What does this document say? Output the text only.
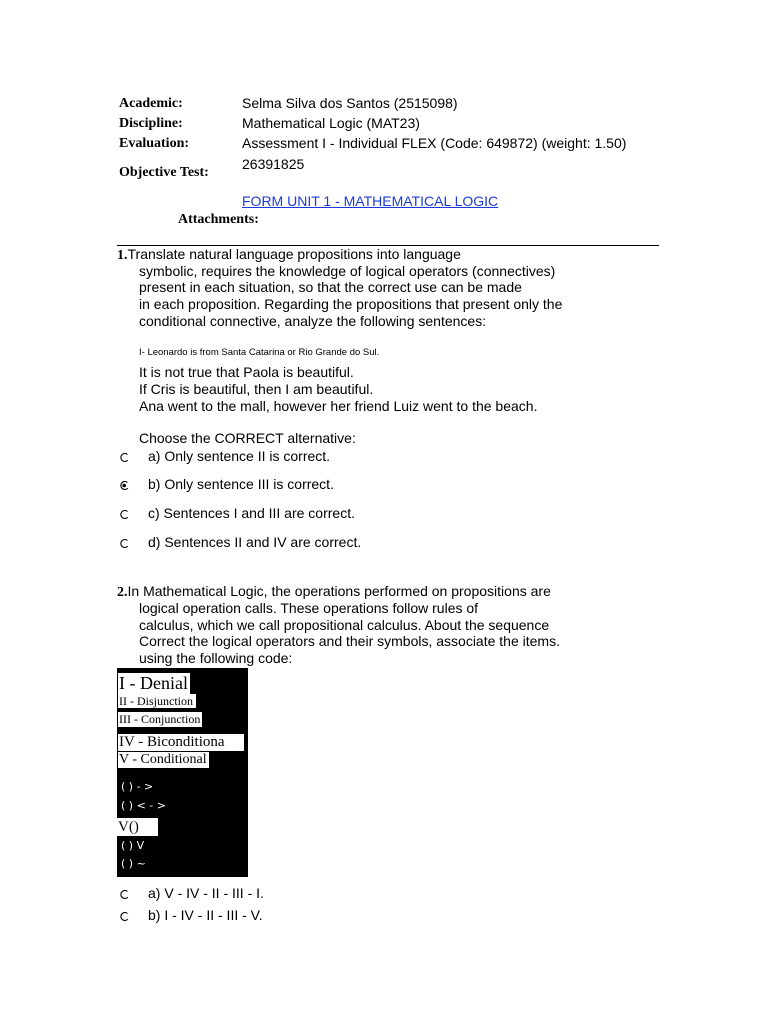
Academic:	Selma Silva dos Santos (2515098)
Discipline:	Mathematical Logic (MAT23)
Evaluation:	Assessment I - Individual FLEX (Code: 649872) (weight: 1.50)
Objective Test:
26391825
FORM UNIT 1 - MATHEMATICAL LOGIC
Attachments:
1.Translate natural language propositions into language
symbolic, requires the knowledge of logical operators (connectives)
present in each situation, so that the correct use can be made
in each proposition. Regarding the propositions that present only the
conditional connective, analyze the following sentences:
I- Leonardo is from Santa Catarina or Rio Grande do Sul.
It is not true that Paola is beautiful.
If Cris is beautiful, then I am beautiful.
Ana went to the mall, however her friend Luiz went to the beach.
Choose the CORRECT alternative:
a) Only sentence II is correct.
b) Only sentence III is correct.
c) Sentences I and III are correct.
d) Sentences II and IV are correct.
2.In Mathematical Logic, the operations performed on propositions are
logical operation calls. These operations follow rules of
calculus, which we call propositional calculus. About the sequence
Correct the logical operators and their symbols, associate the items.
using the following code:
I - Denial
II - Disjunction
III - Conjunction
IV - Biconditiona
V - Conditional
( ) - >
( ) < - >
V()
( ) V
( ) ~
a) V - IV - II - III - I.
b) I - IV - II - III - V.
